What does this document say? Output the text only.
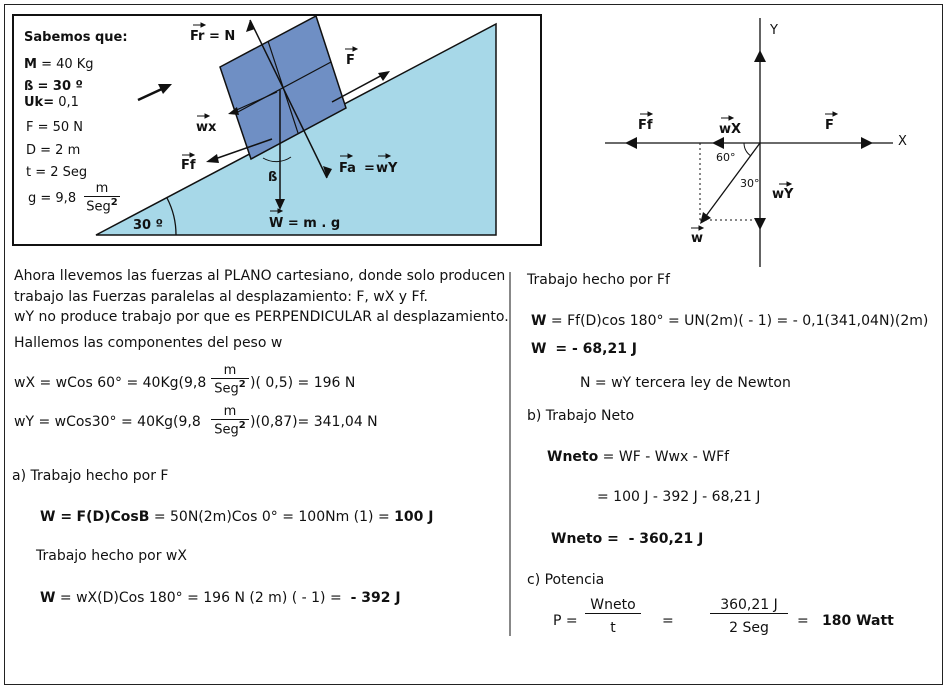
Sabemos que:
M = 40 Kg
ß = 30 º
Uk= 0,1
F = 50 N
D = 2 m
t = 2 Seg
g = 9,8
m
Seg$^2$
Fr = N
F
wx
Ff
ß
Fa = wY
W = m . g
30 º
Y
X
Ff	wX	F
60°
30°
wY
w
Ahora llevemos las fuerzas al PLANO cartesiano, donde solo producen
trabajo las Fuerzas paralelas al desplazamiento: F, wX y Ff.
wY no produce trabajo por que es PERPENDICULAR al desplazamiento.
Hallemos las componentes del peso w
wX = wCos 60° = 40Kg(9,8
m
Seg$^2$ )( 0,5) = 196 N
wY = wCos30° = 40Kg(9,8
m
Seg$^2$ )(0,87)= 341,04 N
a) Trabajo hecho por F
W = F(D)CosB = 50N(2m)Cos 0° = 100Nm (1) = 100 J
Trabajo hecho por wX
W = wX(D)Cos 180° = 196 N (2 m) ( - 1) = - 392 J
Trabajo hecho por Ff
W = Ff(D)cos 180° = UN(2m)( - 1) = - 0,1(341,04N)(2m)
W = - 68,21 J
N = wY tercera ley de Newton
b) Trabajo Neto
Wneto = WF - Wwx - WFf
= 100 J - 392 J - 68,21 J
Wneto = - 360,21 J
c) Potencia
P =
Wneto
t	=
360,21 J
2 Seg	= 180 Watt
